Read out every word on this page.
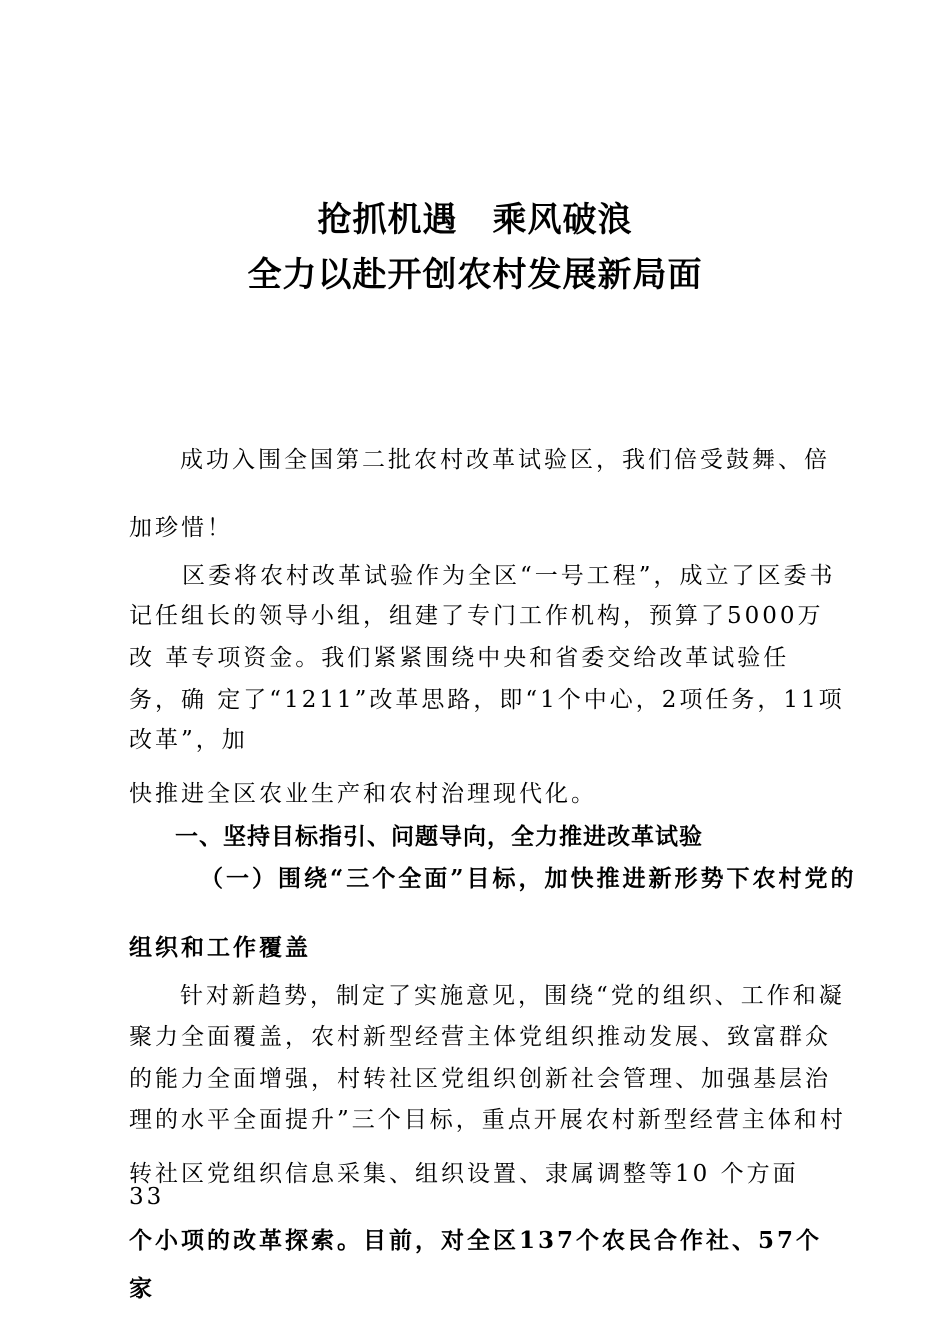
抢抓机遇　乘风破浪
全力以赴开创农村发展新局面

成功入围全国第二批农村改革试验区，我们倍受鼓舞、倍

加珍惜！

区委将农村改革试验作为全区“一号工程”，成立了区委书

记任组长的领导小组，组建了专门工作机构，预算了5000万

改 革专项资金。我们紧紧围绕中央和省委交给改革试验任

务，确 定了“1211”改革思路，即“1个中心，2项任务，11项

改革”，加

快推进全区农业生产和农村治理现代化。

一、坚持目标指引、问题导向，全力推进改革试验

（一）围绕“三个全面”目标，加快推进新形势下农村党的

组织和工作覆盖

针对新趋势，制定了实施意见，围绕“党的组织、工作和凝

聚力全面覆盖，农村新型经营主体党组织推动发展、致富群众

的能力全面增强，村转社区党组织创新社会管理、加强基层治

理的水平全面提升”三个目标，重点开展农村新型经营主体和村

转社区党组织信息采集、组织设置、隶属调整等10 个方面

33

个小项的改革探索。目前，对全区137个农民合作社、57个

家
